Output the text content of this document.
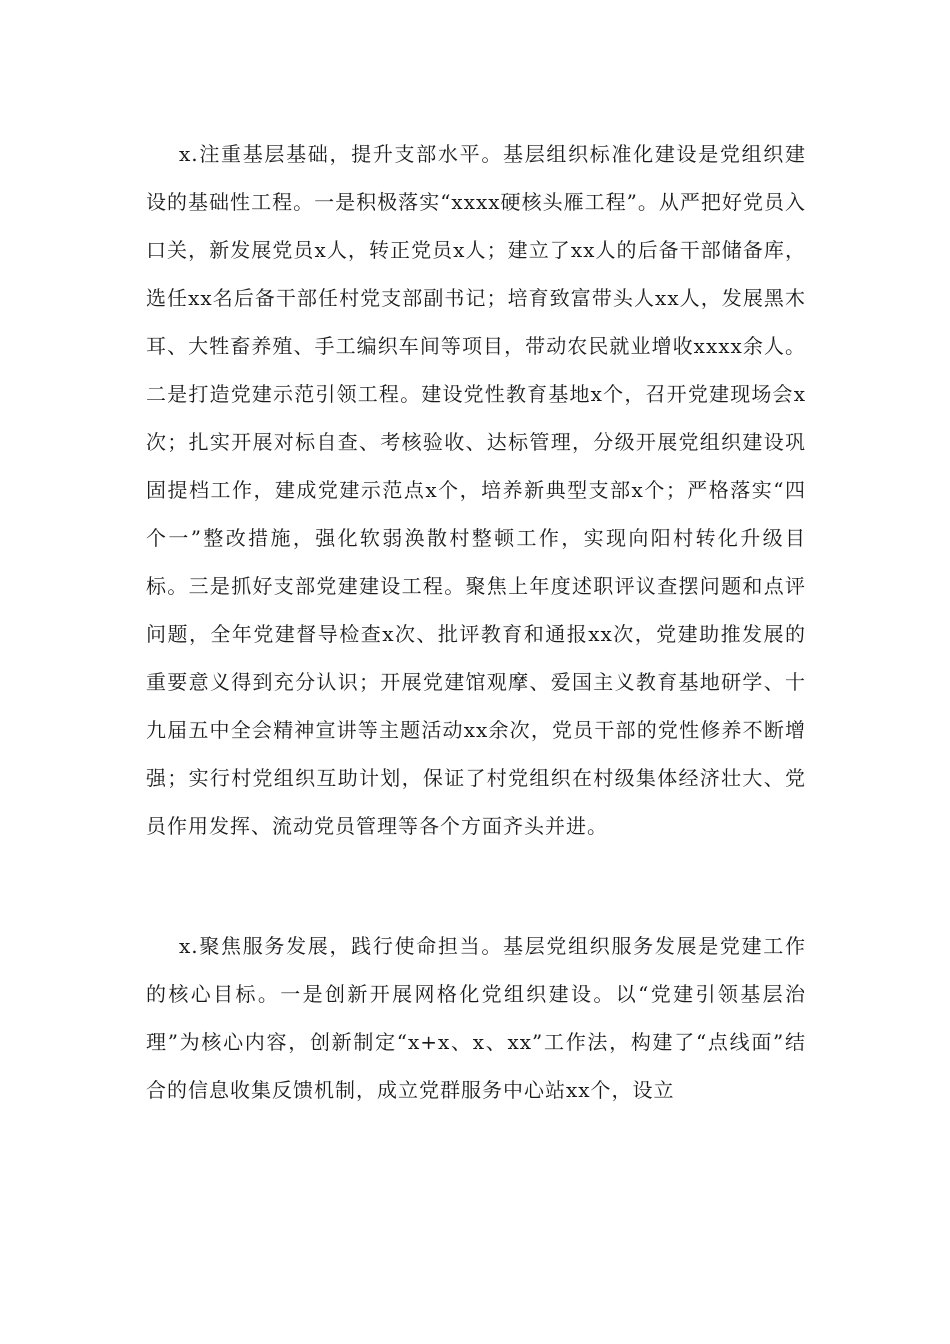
x.注重基层基础，提升支部水平。基层组织标准化建设是党组织建设的基础性工程。一是积极落实“xxxx硬核头雁工程”。从严把好党员入口关，新发展党员x人，转正党员x人；建立了xx人的后备干部储备库，选任xx名后备干部任村党支部副书记；培育致富带头人xx人，发展黑木耳、大牲畜养殖、手工编织车间等项目，带动农民就业增收xxxx余人。二是打造党建示范引领工程。建设党性教育基地x个，召开党建现场会x次；扎实开展对标自查、考核验收、达标管理，分级开展党组织建设巩固提档工作，建成党建示范点x个，培养新典型支部x个；严格落实“四个一”整改措施，强化软弱涣散村整顿工作，实现向阳村转化升级目标。三是抓好支部党建建设工程。聚焦上年度述职评议查摆问题和点评问题，全年党建督导检查x次、批评教育和通报xx次，党建助推发展的重要意义得到充分认识；开展党建馆观摩、爱国主义教育基地研学、十九届五中全会精神宣讲等主题活动xx余次，党员干部的党性修养不断增强；实行村党组织互助计划，保证了村党组织在村级集体经济壮大、党员作用发挥、流动党员管理等各个方面齐头并进。

x.聚焦服务发展，践行使命担当。基层党组织服务发展是党建工作的核心目标。一是创新开展网格化党组织建设。以“党建引领基层治理”为核心内容，创新制定“x+x、x、xx”工作法，构建了“点线面”结合的信息收集反馈机制，成立党群服务中心站xx个，设立
